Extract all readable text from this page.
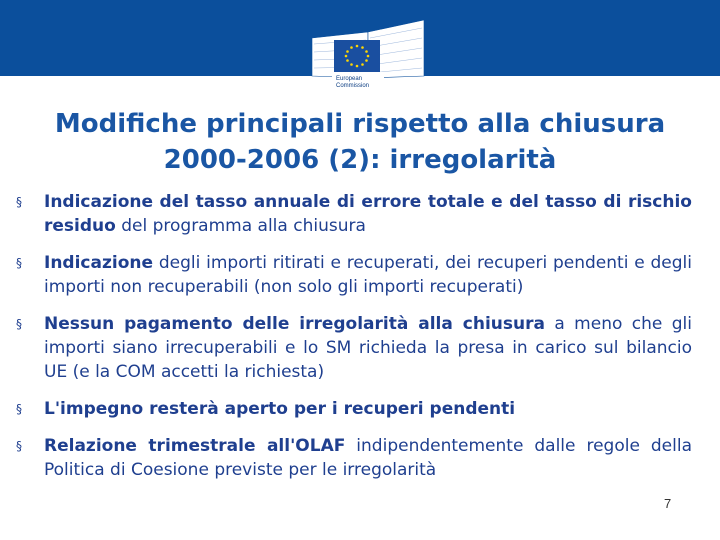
European
Commission
Modifiche principali rispetto alla chiusura 2000-2006 (2): irregolarità
§ Indicazione del tasso annuale di errore totale e del tasso di rischio residuo del programma alla chiusura
§ Indicazione degli importi ritirati e recuperati, dei recuperi pendenti e degli importi non recuperabili (non solo gli importi recuperati)
§ Nessun pagamento delle irregolarità alla chiusura a meno che gli importi siano irrecuperabili e lo SM richieda la presa in carico sul bilancio UE (e la COM accetti la richiesta)
§ L'impegno resterà aperto per i recuperi pendenti
§ Relazione trimestrale all'OLAF indipendentemente dalle regole della Politica di Coesione previste per le irregolarità
7
